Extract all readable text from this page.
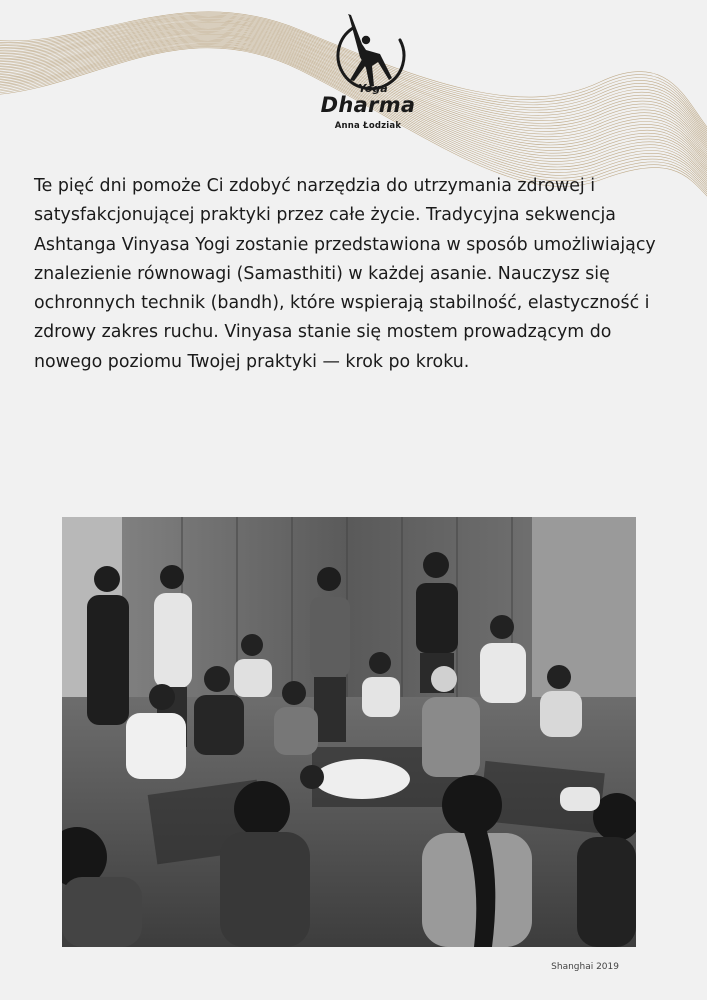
Yoga
Dharma
Anna Łodziak

Te pięć dni pomoże Ci zdobyć narzędzia do utrzymania zdrowej i satysfakcjonującej praktyki przez całe życie. Tradycyjna sekwencja Ashtanga Vinyasa Yogi zostanie przedstawiona w sposób umożliwiający znalezienie równowagi (Samasthiti) w każdej asanie. Nauczysz się ochronnych technik (bandh), które wspierają stabilność, elastyczność i zdrowy zakres ruchu. Vinyasa stanie się mostem prowadzącym do nowego poziomu Twojej praktyki — krok po kroku.

Shanghai 2019
